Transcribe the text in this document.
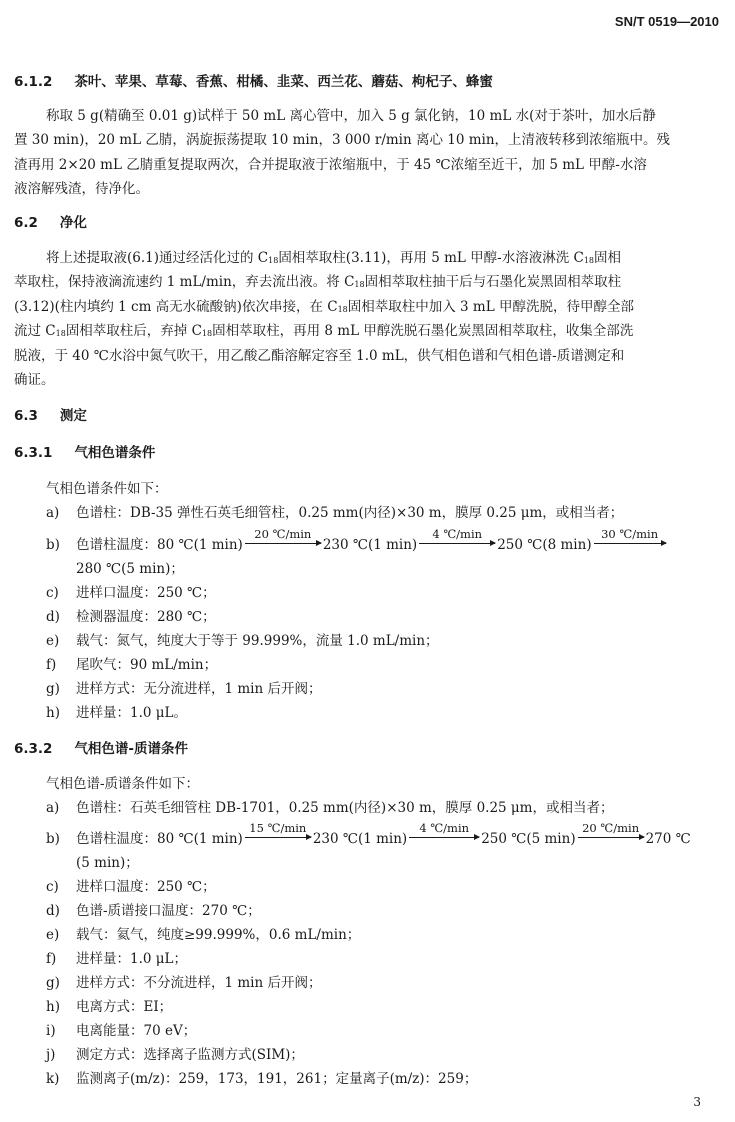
SN/T 0519—2010
6.1.2 茶叶、苹果、草莓、香蕉、柑橘、韭菜、西兰花、蘑菇、枸杞子、蜂蜜
称取 5 g(精确至 0.01 g)试样于 50 mL 离心管中，加入 5 g 氯化钠，10 mL 水(对于茶叶，加水后静
置 30 min)，20 mL 乙腈，涡旋振荡提取 10 min，3 000 r/min 离心 10 min，上清液转移到浓缩瓶中。残
渣再用 2×20 mL 乙腈重复提取两次，合并提取液于浓缩瓶中，于 45 ℃浓缩至近干，加 5 mL 甲醇-水溶
液溶解残渣，待净化。
6.2 净化
将上述提取液(6.1)通过经活化过的 $C_{18}$固相萃取柱(3.11)，再用 5 mL 甲醇-水溶液淋洗 $C_{18}$固相
萃取柱，保持液滴流速约 1 mL/min，弃去流出液。将 $C_{18}$固相萃取柱抽干后与石墨化炭黑固相萃取柱
(3.12)(柱内填约 1 cm 高无水硫酸钠)依次串接，在 $C_{18}$固相萃取柱中加入 3 mL 甲醇洗脱，待甲醇全部
流过 $C_{18}$固相萃取柱后，弃掉 $C_{18}$固相萃取柱，再用 8 mL 甲醇洗脱石墨化炭黑固相萃取柱，收集全部洗
脱液，于 40 ℃水浴中氮气吹干，用乙酸乙酯溶解定容至 1.0 mL，供气相色谱和气相色谱-质谱测定和
确证。
6.3 测定
6.3.1 气相色谱条件
气相色谱条件如下：
a) 色谱柱：DB-35 弹性石英毛细管柱，0.25 mm(内径)×30 m，膜厚 0.25 μm，或相当者；
b) 色谱柱温度：80 ℃(1 min)
20 ℃/min
230 ℃(1 min)
4 ℃/min
250 ℃(8 min)
30 ℃/min
280 ℃(5 min)；
c) 进样口温度：250 ℃；
d) 检测器温度：280 ℃；
e) 载气：氮气，纯度大于等于 99.999%，流量 1.0 mL/min；
f) 尾吹气：90 mL/min；
g) 进样方式：无分流进样，1 min 后开阀；
h) 进样量：1.0 μL。
6.3.2 气相色谱-质谱条件
气相色谱-质谱条件如下：
a) 色谱柱：石英毛细管柱 DB-1701，0.25 mm(内径)×30 m，膜厚 0.25 μm，或相当者；
b) 色谱柱温度：80 ℃(1 min)
15 ℃/min
230 ℃(1 min)
4 ℃/min
250 ℃(5 min)
20 ℃/min
270 ℃
(5 min)；
c) 进样口温度：250 ℃；
d) 色谱-质谱接口温度：270 ℃；
e) 载气：氦气，纯度≥99.999%，0.6 mL/min；
f) 进样量：1.0 μL；
g) 进样方式：不分流进样，1 min 后开阀；
h) 电离方式：EI；
i) 电离能量：70 eV；
j) 测定方式：选择离子监测方式(SIM)；
k) 监测离子(m/z)：259，173，191，261；定量离子(m/z)：259；
3
